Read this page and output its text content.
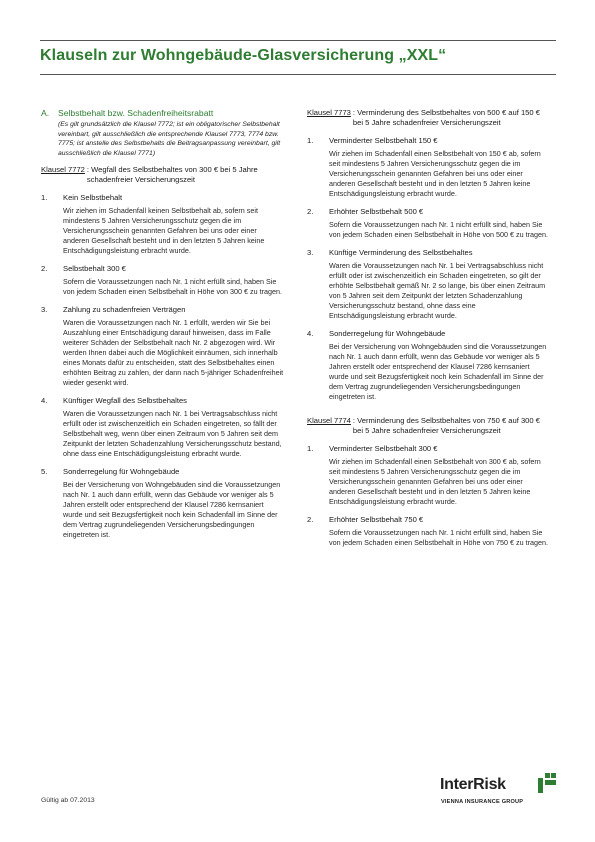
Klauseln zur Wohngebäude-Glasversicherung „XXL“
A.	Selbstbehalt bzw. Schadenfreiheitsrabatt
(Es gilt grundsätzlich die Klausel 7772; ist ein obligatorischer Selbstbehalt vereinbart, gilt ausschließlich die entsprechende Klausel 7773, 7774 bzw. 7775; ist anstelle des Selbstbehalts die Beitragsanpassung vereinbart, gilt ausschließlich die Klausel 7771)
Klausel 7772 : Wegfall des Selbstbehaltes von 300 € bei 5 Jahre schadenfreier Versicherungszeit
1.	Kein Selbstbehalt
Wir ziehen im Schadenfall keinen Selbstbehalt ab, sofern seit mindestens 5 Jahren Versicherungsschutz gegen die im Versicherungsschein genannten Gefahren bei uns oder einer anderen Gesellschaft besteht und in den letzten 5 Jahren keine Entschädigungsleistung erbracht wurde.
2.	Selbstbehalt 300 €
Sofern die Voraussetzungen nach Nr. 1 nicht erfüllt sind, haben Sie von jedem Schaden einen Selbstbehalt in Höhe von 300 € zu tragen.
3.	Zahlung zu schadenfreien Verträgen
Waren die Voraussetzungen nach Nr. 1 erfüllt, werden wir Sie bei Auszahlung einer Entschädigung darauf hinweisen, dass im Falle weiterer Schäden der Selbstbehalt nach Nr. 2 abgezogen wird. Wir werden Ihnen dabei auch die Möglichkeit einräumen, sich innerhalb eines Monats dafür zu entscheiden, statt des Selbstbehaltes einen erhöhten Beitrag zu zahlen, der dann nach 5-jähriger Schadenfreiheit wieder gesenkt wird.
4.	Künftiger Wegfall des Selbstbehaltes
Waren die Voraussetzungen nach Nr. 1 bei Vertragsabschluss nicht erfüllt oder ist zwischenzeitlich ein Schaden eingetreten, so fällt der Selbstbehalt weg, wenn über einen Zeitraum von 5 Jahren seit dem Zeitpunkt der letzten Schadenzahlung Versicherungsschutz bestand, ohne dass eine Entschädigungsleistung erbracht wurde.
5.	Sonderregelung für Wohngebäude
Bei der Versicherung von Wohngebäuden sind die Voraussetzungen nach Nr. 1 auch dann erfüllt, wenn das Gebäude vor weniger als 5 Jahren erstellt oder entsprechend der Klausel 7286 kernsaniert wurde und seit Bezugsfertigkeit noch kein Schadenfall im Sinne der dem Vertrag zugrundeliegenden Versicherungsbedingungen eingetreten ist.
Klausel 7773 : Verminderung des Selbstbehaltes von 500 € auf 150 € bei 5 Jahre schadenfreier Versicherungszeit
1.	Verminderter Selbstbehalt 150 €
Wir ziehen im Schadenfall einen Selbstbehalt von 150 € ab, sofern seit mindestens 5 Jahren Versicherungsschutz gegen die im Versicherungsschein genannten Gefahren bei uns oder einer anderen Gesellschaft besteht und in den letzten 5 Jahren keine Entschädigungsleistung erbracht wurde.
2.	Erhöhter Selbstbehalt 500 €
Sofern die Voraussetzungen nach Nr. 1 nicht erfüllt sind, haben Sie von jedem Schaden einen Selbstbehalt in Höhe von 500 € zu tragen.
3.	Künftige Verminderung des Selbstbehaltes
Waren die Voraussetzungen nach Nr. 1 bei Vertragsabschluss nicht erfüllt oder ist zwischenzeitlich ein Schaden eingetreten, so gilt der erhöhte Selbstbehalt gemäß Nr. 2 so lange, bis über einen Zeitraum von 5 Jahren seit dem Zeitpunkt der letzten Schadenzahlung Versicherungsschutz bestand, ohne dass eine Entschädigungsleistung erbracht wurde.
4.	Sonderregelung für Wohngebäude
Bei der Versicherung von Wohngebäuden sind die Voraussetzungen nach Nr. 1 auch dann erfüllt, wenn das Gebäude vor weniger als 5 Jahren erstellt oder entsprechend der Klausel 7286 kernsaniert wurde und seit Bezugsfertigkeit noch kein Schadenfall im Sinne der dem Vertrag zugrundeliegenden Versicherungsbedingungen eingetreten ist.
Klausel 7774 : Verminderung des Selbstbehaltes von 750 € auf 300 € bei 5 Jahre schadenfreier Versicherungszeit
1.	Verminderter Selbstbehalt 300 €
Wir ziehen im Schadenfall einen Selbstbehalt von 300 € ab, sofern seit mindestens 5 Jahren Versicherungsschutz gegen die im Versicherungsschein genannten Gefahren bei uns oder einer anderen Gesellschaft besteht und in den letzten 5 Jahren keine Entschädigungsleistung erbracht wurde.
2.	Erhöhter Selbstbehalt 750 €
Sofern die Voraussetzungen nach Nr. 1 nicht erfüllt sind, haben Sie von jedem Schaden einen Selbstbehalt in Höhe von 750 € zu tragen.
Gültig ab 07.2013
InterRisk
VIENNA INSURANCE GROUP
